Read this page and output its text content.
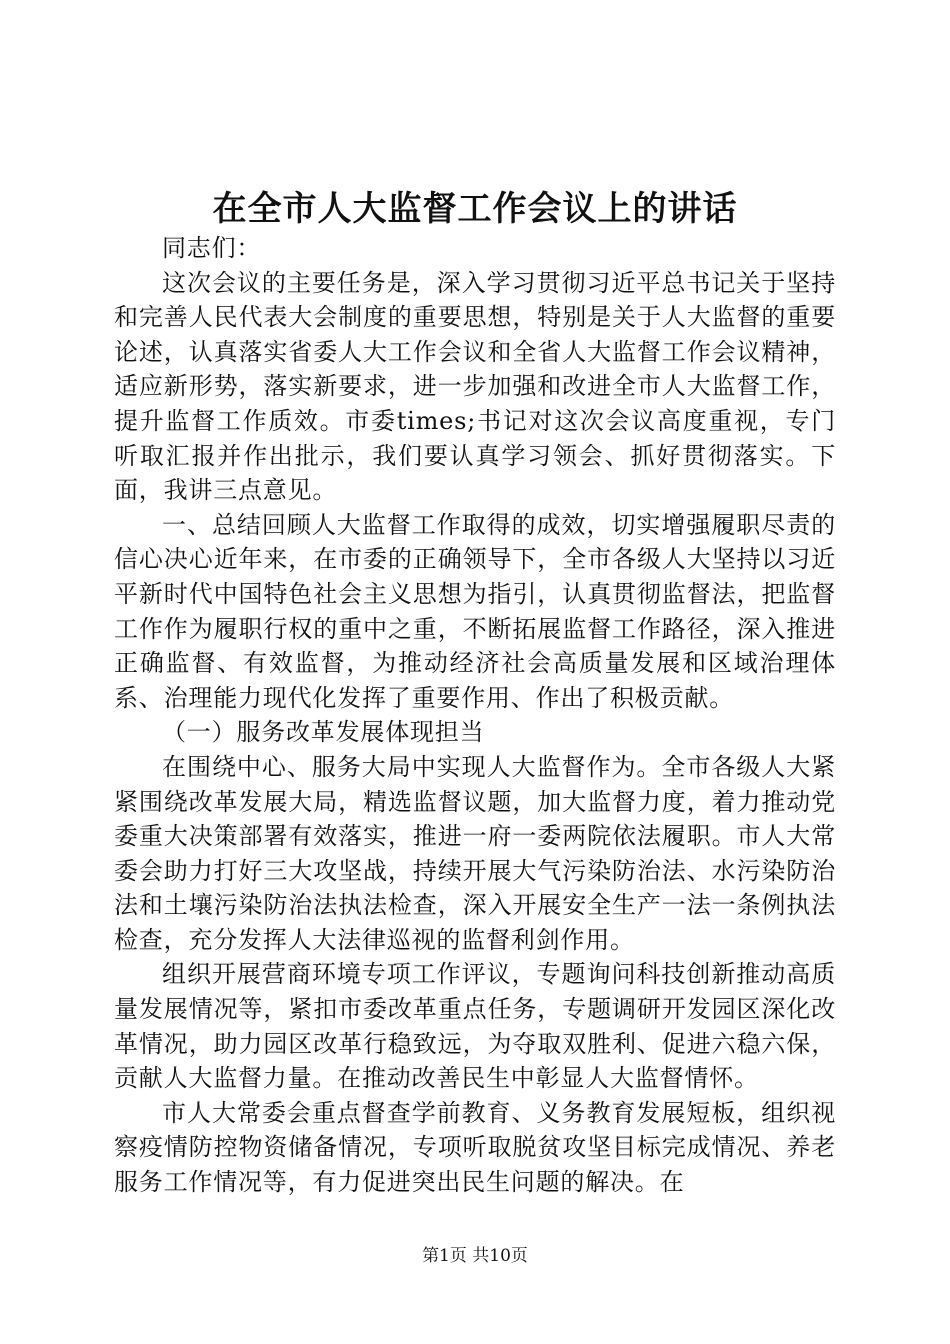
在全市人大监督工作会议上的讲话

同志们：

这次会议的主要任务是，深入学习贯彻习近平总书记关于坚持和完善人民代表大会制度的重要思想，特别是关于人大监督的重要论述，认真落实省委人大工作会议和全省人大监督工作会议精神，适应新形势，落实新要求，进一步加强和改进全市人大监督工作，提升监督工作质效。市委times;书记对这次会议高度重视，专门听取汇报并作出批示，我们要认真学习领会、抓好贯彻落实。下面，我讲三点意见。

一、总结回顾人大监督工作取得的成效，切实增强履职尽责的信心决心近年来，在市委的正确领导下，全市各级人大坚持以习近平新时代中国特色社会主义思想为指引，认真贯彻监督法，把监督工作作为履职行权的重中之重，不断拓展监督工作路径，深入推进正确监督、有效监督，为推动经济社会高质量发展和区域治理体系、治理能力现代化发挥了重要作用、作出了积极贡献。

（一）服务改革发展体现担当

在围绕中心、服务大局中实现人大监督作为。全市各级人大紧紧围绕改革发展大局，精选监督议题，加大监督力度，着力推动党委重大决策部署有效落实，推进一府一委两院依法履职。市人大常委会助力打好三大攻坚战，持续开展大气污染防治法、水污染防治法和土壤污染防治法执法检查，深入开展安全生产一法一条例执法检查，充分发挥人大法律巡视的监督利剑作用。

组织开展营商环境专项工作评议，专题询问科技创新推动高质量发展情况等，紧扣市委改革重点任务，专题调研开发园区深化改革情况，助力园区改革行稳致远，为夺取双胜利、促进六稳六保，贡献人大监督力量。在推动改善民生中彰显人大监督情怀。

市人大常委会重点督查学前教育、义务教育发展短板，组织视察疫情防控物资储备情况，专项听取脱贫攻坚目标完成情况、养老服务工作情况等，有力促进突出民生问题的解决。在

第1页 共10页
